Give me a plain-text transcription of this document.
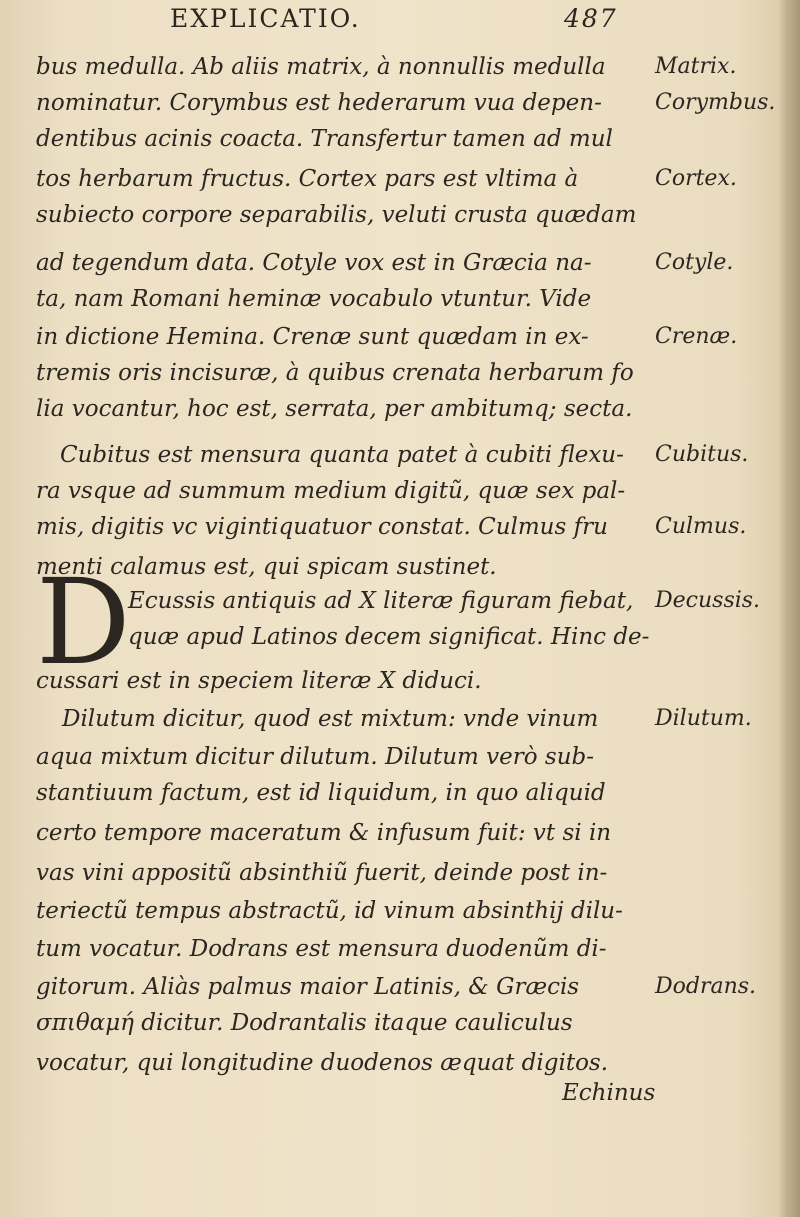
EXPLICATIO.	487
bus medulla. Ab aliis matrix, à nonnullis medulla
nominatur. Corymbus est hederarum vua depen-
dentibus acinis coacta. Transfertur tamen ad mul
tos herbarum fructus. Cortex pars est vltima à
subiecto corpore separabilis, veluti crusta quædam
ad tegendum data. Cotyle vox est in Græcia na-
ta, nam Romani heminæ vocabulo vtuntur. Vide
in dictione Hemina. Crenæ sunt quædam in ex-
tremis oris incisuræ, à quibus crenata herbarum fo
lia vocantur, hoc est, serrata, per ambitumq; secta.
Cubitus est mensura quanta patet à cubiti flexu-
ra vsque ad summum medium digitũ, quæ sex pal-
mis, digitis vc vigintiquatuor constat. Culmus fru
menti calamus est, qui spicam sustinet.
D
Ecussis antiquis ad X literæ figuram fiebat,
quæ apud Latinos decem significat. Hinc de-
cussari est in speciem literæ X diduci.
Dilutum dicitur, quod est mixtum: vnde vinum
aqua mixtum dicitur dilutum. Dilutum verò sub-
stantiuum factum, est id liquidum, in quo aliquid
certo tempore maceratum & infusum fuit: vt si in
vas vini appositũ absinthiũ fuerit, deinde post in-
teriectũ tempus abstractũ, id vinum absinthij dilu-
tum vocatur. Dodrans est mensura duodenũm di-
gitorum. Aliàs palmus maior Latinis, & Græcis
σπιθαμή dicitur. Dodrantalis itaque cauliculus
vocatur, qui longitudine duodenos æquat digitos.
Matrix.
Corymbus.
Cortex.
Cotyle.
Crenæ.
Cubitus.
Culmus.
Decussis.
Dilutum.
Dodrans.
Echinus
